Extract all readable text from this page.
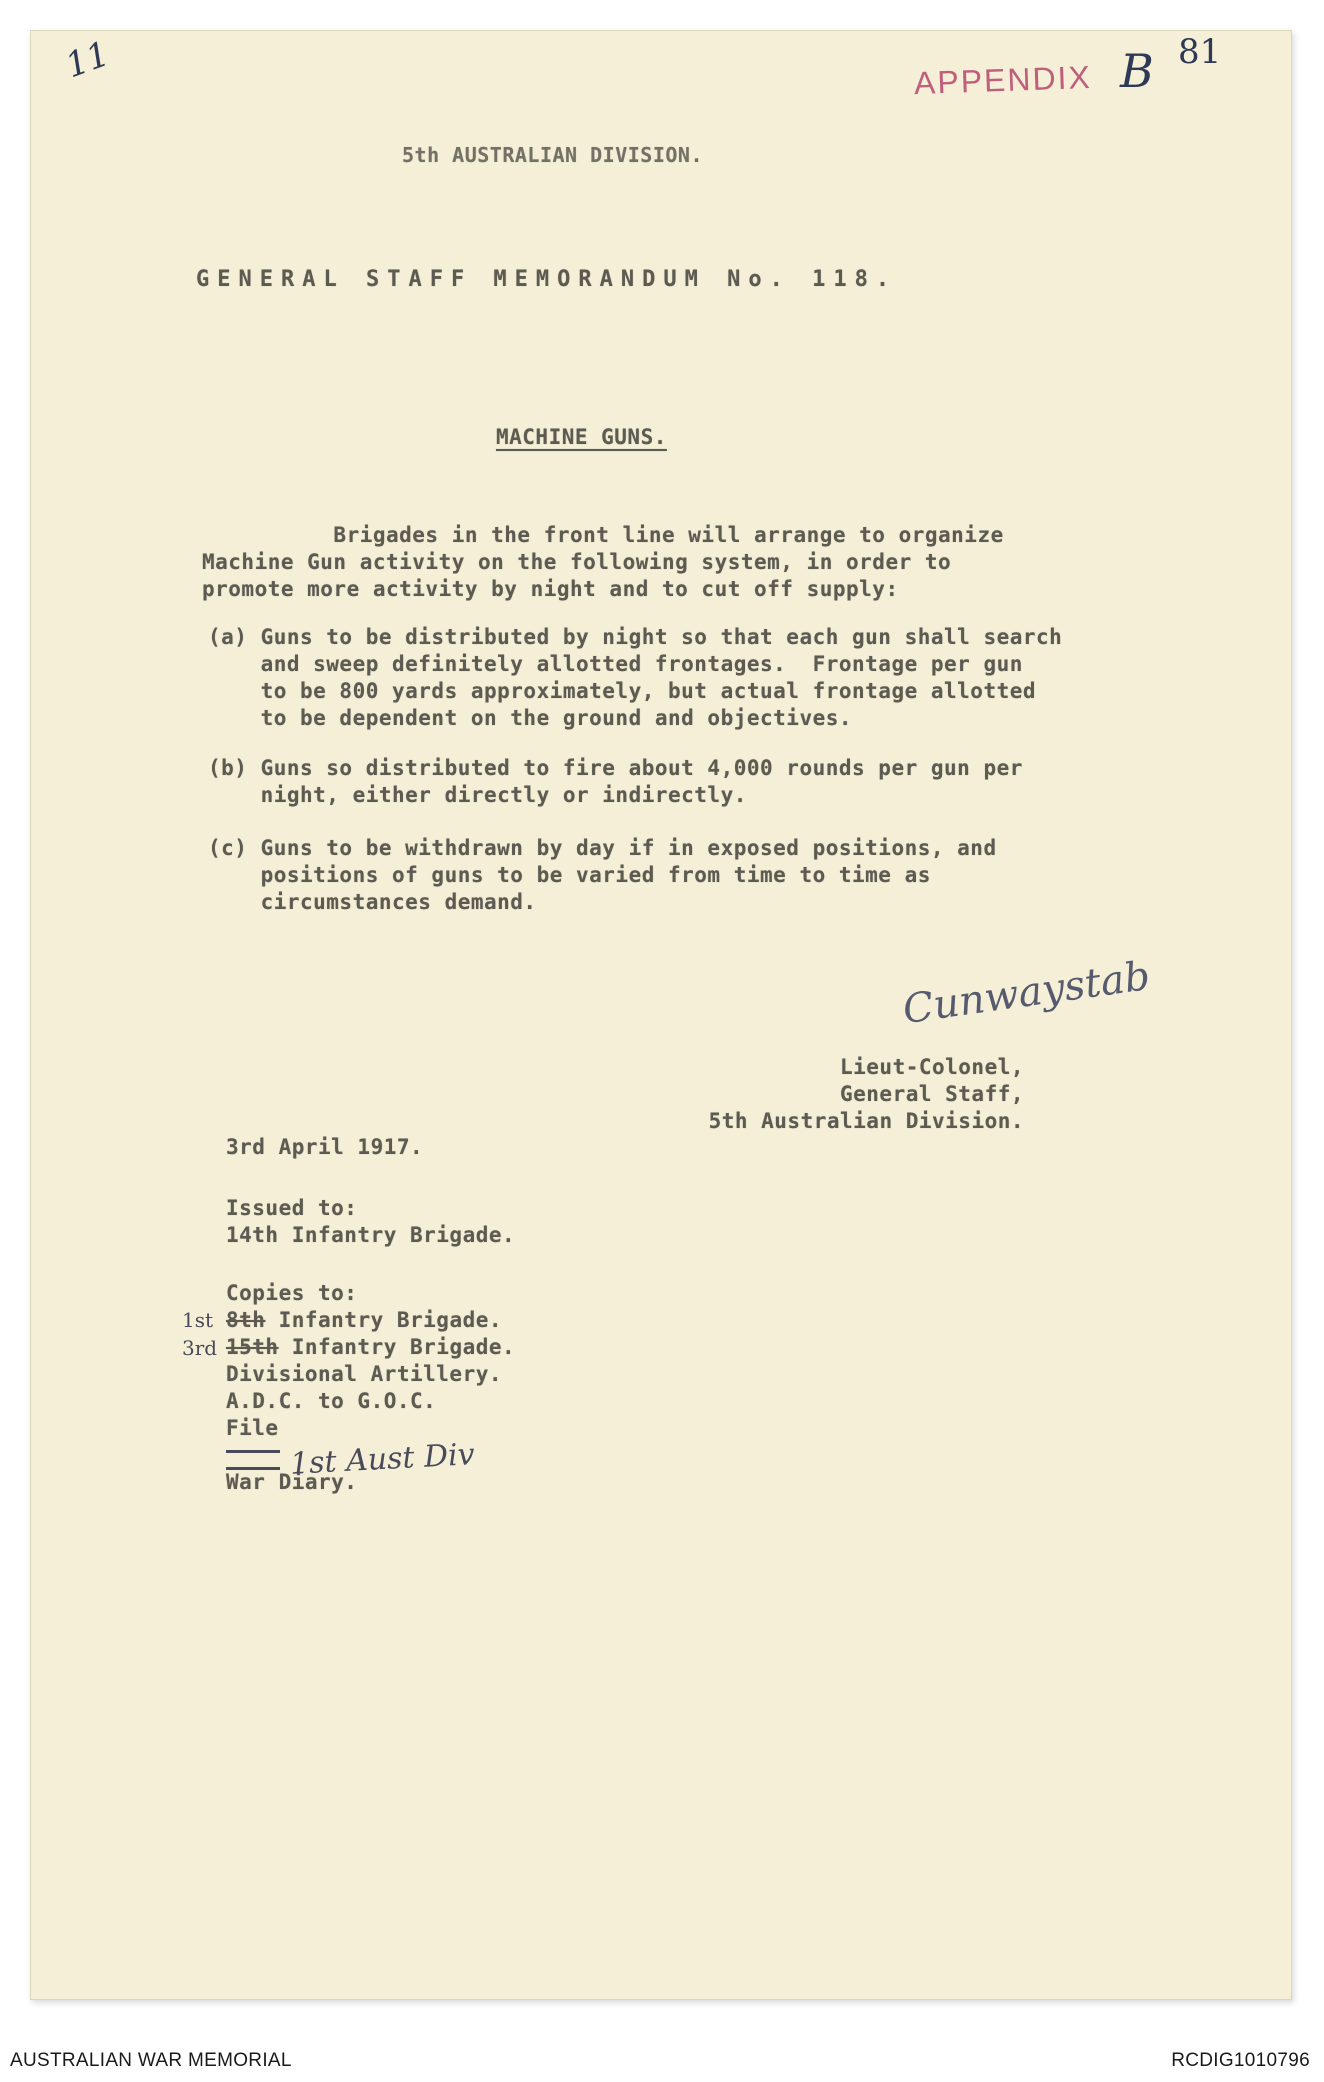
11	81
APPENDIX B
5th AUSTRALIAN DIVISION.
GENERAL STAFF MEMORANDUM No. 118.
MACHINE GUNS.
Brigades in the front line will arrange to organize
Machine Gun activity on the following system, in order to
promote more activity by night and to cut off supply:
(a) Guns to be distributed by night so that each gun shall search
and sweep definitely allotted frontages.  Frontage per gun
to be 800 yards approximately, but actual frontage allotted
to be dependent on the ground and objectives.
(b) Guns so distributed to fire about 4,000 rounds per gun per
night, either directly or indirectly.
(c) Guns to be withdrawn by day if in exposed positions, and
positions of guns to be varied from time to time as
circumstances demand.
Cunwaystab
Lieut-Colonel,
General Staff,
5th Australian Division.
3rd April 1917.
Issued to:
14th Infantry Brigade.
Copies to:
8th Infantry Brigade.
15th Infantry Brigade.
Divisional Artillery.
A.D.C. to G.O.C.
File

War Diary.
1st
3rd
1st Aust Div
AUSTRALIAN WAR MEMORIAL	RCDIG1010796
